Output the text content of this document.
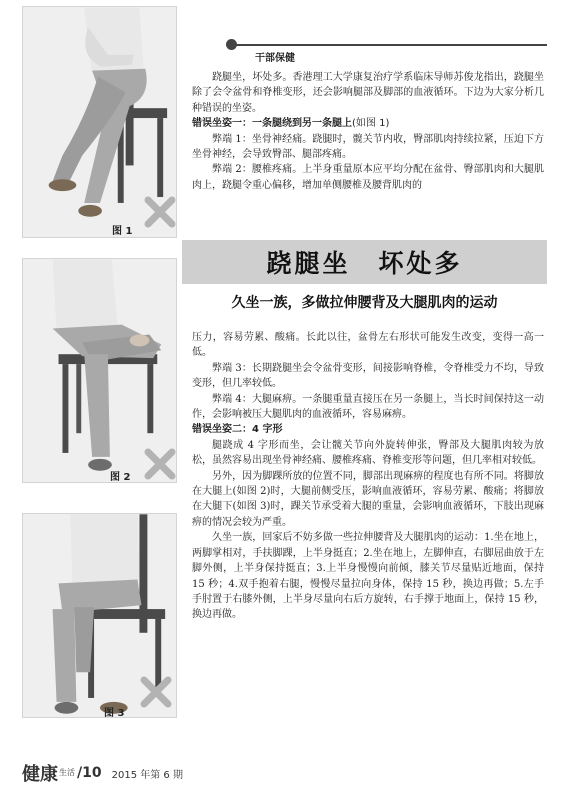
图 1
图 2
图 3
干部保健

跷腿坐，坏处多。香港理工大学康复治疗学系临床导师苏俊龙指出，跷腿坐除了会令盆骨和脊椎变形，还会影响腿部及脚部的血液循环。下边为大家分析几种错误的坐姿。

错误坐姿一：一条腿绕到另一条腿上(如图 1)

弊端 1：坐骨神经痛。跷腿时，髋关节内收，臀部肌肉持续拉紧，压迫下方坐骨神经，会导致臀部、腿部疼痛。

弊端 2：腰椎疼痛。上半身重量原本应平均分配在盆骨、臀部肌肉和大腿肌肉上，跷腿令重心偏移，增加单侧腰椎及腰背肌肉的

跷腿坐　坏处多
久坐一族，多做拉伸腰背及大腿肌肉的运动

压力，容易劳累、酸痛。长此以往，盆骨左右形状可能发生改变，变得一高一低。

弊端 3：长期跷腿坐会令盆骨变形，间接影响脊椎，令脊椎受力不均，导致变形，但几率较低。

弊端 4：大腿麻痹。一条腿重量直接压在另一条腿上，当长时间保持这一动作，会影响被压大腿肌肉的血液循环，容易麻痹。

错误坐姿二：4 字形

腿跷成 4 字形而坐，会让髋关节向外旋转伸张，臀部及大腿肌肉较为放松，虽然容易出现坐骨神经痛、腰椎疼痛、脊椎变形等问题，但几率相对较低。

另外，因为脚踝所放的位置不同，脚部出现麻痹的程度也有所不同。将脚放在大腿上(如图 2)时，大腿前侧受压，影响血液循环，容易劳累、酸痛；将脚放在大腿下(如图 3)时，踝关节承受着大腿的重量，会影响血液循环，下肢出现麻痹的情况会较为严重。

久坐一族，回家后不妨多做一些拉伸腰背及大腿肌肉的运动：1.坐在地上，两脚掌相对，手扶脚踝，上半身挺直；2.坐在地上，左脚伸直，右脚屈曲放于左脚外侧，上半身保持挺直；3.上半身慢慢向前倾，膝关节尽量贴近地面，保持 15 秒；4.双手抱着右腿，慢慢尽量拉向身体，保持 15 秒，换边再做；5.左手手肘置于右膝外侧，上半身尽量向右后方旋转，右手撑于地面上，保持 15 秒，换边再做。

健康 生活 /10 2015 年第 6 期
